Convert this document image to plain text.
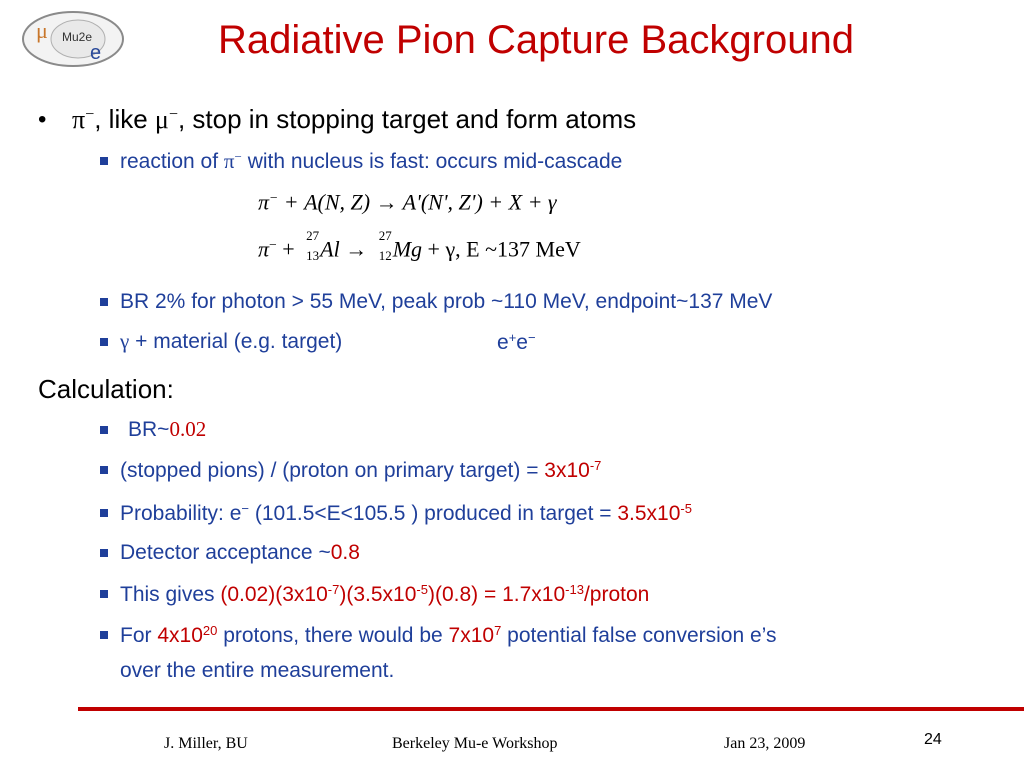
μ Mu2e
e	Radiative Pion Capture Background
• π−, like μ−, stop in stopping target and form atoms
reaction of π− with nucleus is fast: occurs mid-cascade
π− + A(N, Z) → A'(N', Z') + X + γ
π− +
27
13 Al →
27
12 Mg + γ, E ~137 MeV
BR 2% for photon > 55 MeV, peak prob ~110 MeV, endpoint~137 MeV
γ + material (e.g. target)	e+e−
Calculation:
BR~0.02
(stopped pions) / (proton on primary target) = $3x10^{-7}$
Probability: e− (101.5<E<105.5 ) produced in target = $3.5x10^{-5}$
Detector acceptance ~0.8
This gives $(0.02)(3x10^{-7})(3.5x10^{-5})(0.8)$ = $1.7x10^{-13}$/proton
For $4x10^{20}$ protons, there would be $7x10^7$ potential false conversion e’s
over the entire measurement.
J. Miller, BU	Berkeley Mu-e Workshop	Jan 23, 2009	24
